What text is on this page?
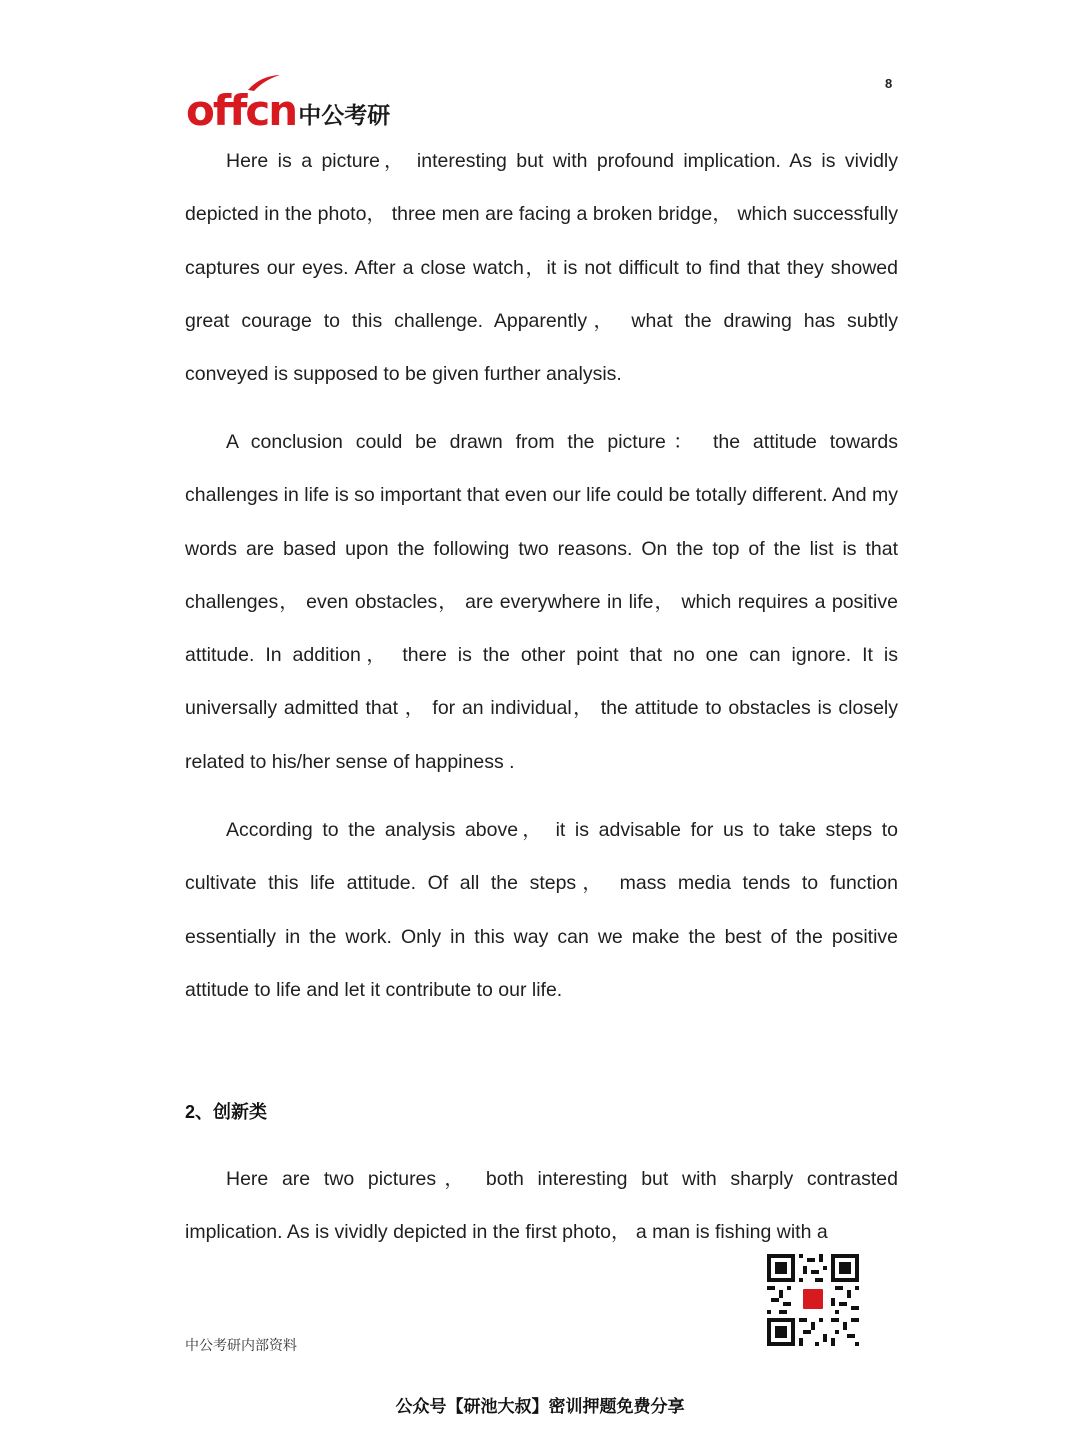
8
offcn 中公考研

Here is a picture， interesting but with profound implication. As is vividly depicted in the photo， three men are facing a broken bridge， which successfully captures our eyes. After a close watch，it is not difficult to find that they showed great courage to this challenge. Apparently， what the drawing has subtly conveyed is supposed to be given further analysis.

A conclusion could be drawn from the picture： the attitude towards challenges in life is so important that even our life could be totally different. And my words are based upon the following two reasons. On the top of the list is that challenges， even obstacles， are everywhere in life， which requires a positive attitude. In addition， there is the other point that no one can ignore. It is universally admitted that ， for an individual， the attitude to obstacles is closely related to his/her sense of happiness .

According to the analysis above， it is advisable for us to take steps to cultivate this life attitude. Of all the steps， mass media tends to function essentially in the work. Only in this way can we make the best of the positive attitude to life and let it contribute to our life.

2、创新类

Here are two pictures， both interesting but with sharply contrasted implication. As is vividly depicted in the first photo， a man is fishing with a

中公考研内部资料
公众号【研池大叔】密训押题免费分享
